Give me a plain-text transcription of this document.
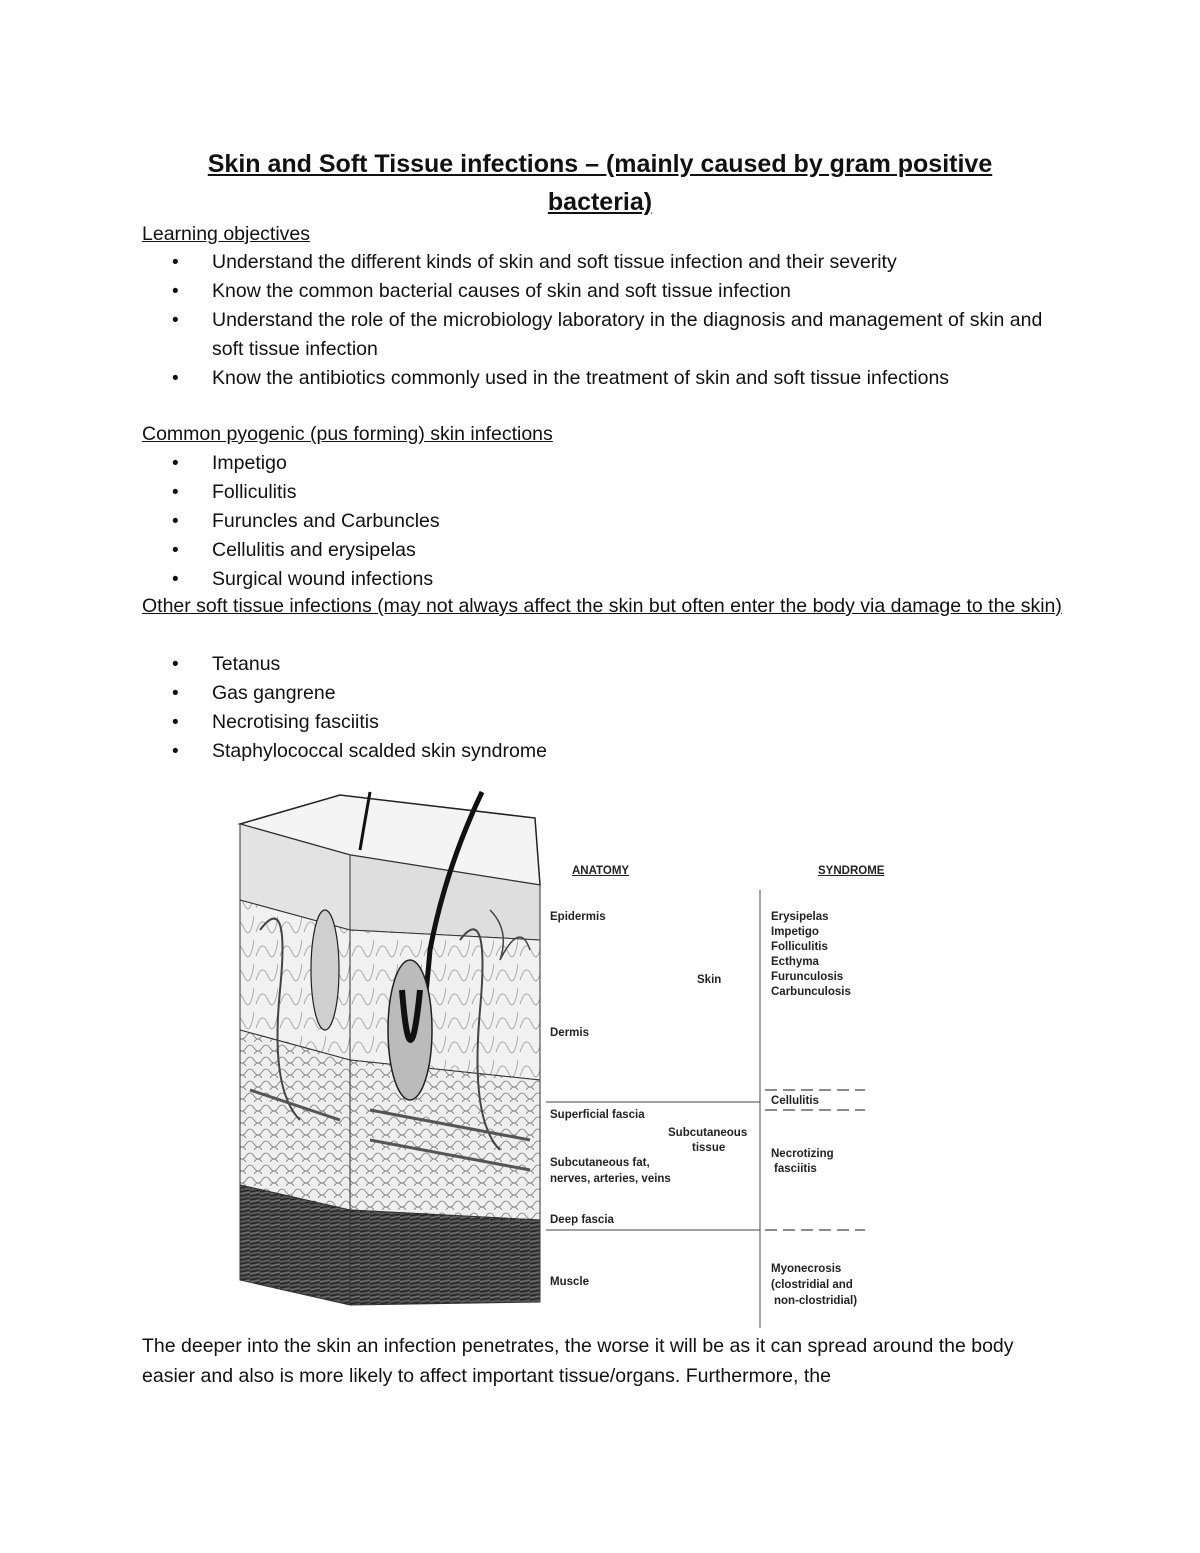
Skin and Soft Tissue infections – (mainly caused by gram positive bacteria)
Learning objectives
• Understand the different kinds of skin and soft tissue infection and their severity
• Know the common bacterial causes of skin and soft tissue infection
• Understand the role of the microbiology laboratory in the diagnosis and management of skin and soft tissue infection
• Know the antibiotics commonly used in the treatment of skin and soft tissue infections
Common pyogenic (pus forming) skin infections
• Impetigo
• Folliculitis
• Furuncles and Carbuncles
• Cellulitis and erysipelas
• Surgical wound infections
Other soft tissue infections (may not always affect the skin but often enter the body via damage to the skin)
• Tetanus
• Gas gangrene
• Necrotising fasciitis
• Staphylococcal scalded skin syndrome
ANATOMY	SYNDROME
Epidermis
Skin
Dermis
Superficial fascia
Subcutaneous
tissue
Subcutaneous fat,
nerves, arteries, veins
Deep fascia
Muscle
Erysipelas
Impetigo
Folliculitis
Ecthyma
Furunculosis
Carbunculosis
Cellulitis
Necrotizing
fasciitis
Myonecrosis
(clostridial and
non-clostridial)
The deeper into the skin an infection penetrates, the worse it will be as it can spread around the body easier and also is more likely to affect important tissue/organs. Furthermore, the
